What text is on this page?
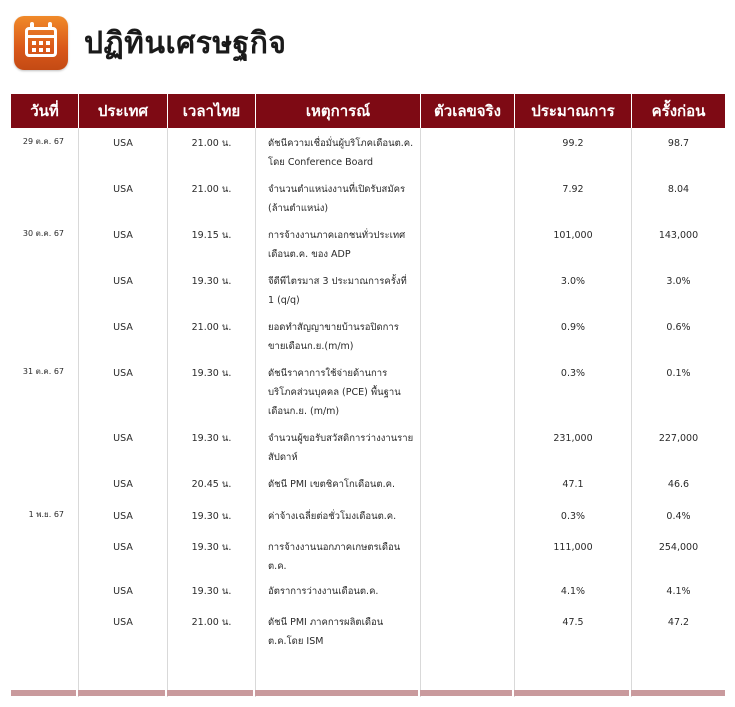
ปฏิทินเศรษฐกิจ
วันที่	ประเทศ	เวลาไทย	เหตุการณ์	ตัวเลขจริง	ประมาณการ	ครั้งก่อน
29 ต.ค. 67	USA	21.00 น.	ดัชนีความเชื่อมั่นผู้บริโภคเดือนต.ค. โดย Conference Board		99.2	98.7
	USA	21.00 น.	จำนวนตำแหน่งงานที่เปิดรับสมัคร (ล้านตำแหน่ง)		7.92	8.04
30 ต.ค. 67	USA	19.15 น.	การจ้างงานภาคเอกชนทั่วประเทศเดือนต.ค. ของ ADP		101,000	143,000
	USA	19.30 น.	จีดีพีไตรมาส 3 ประมาณการครั้งที่ 1 (q/q)		3.0%	3.0%
	USA	21.00 น.	ยอดทำสัญญาขายบ้านรอปิดการขายเดือนก.ย.(m/m)		0.9%	0.6%
31 ต.ค. 67	USA	19.30 น.	ดัชนีราคาการใช้จ่ายด้านการบริโภคส่วนบุคคล (PCE) พื้นฐานเดือนก.ย. (m/m)		0.3%	0.1%
	USA	19.30 น.	จำนวนผู้ขอรับสวัสดิการว่างงานรายสัปดาห์		231,000	227,000
	USA	20.45 น.	ดัชนี PMI เขตชิคาโกเดือนต.ค.		47.1	46.6
1 พ.ย. 67	USA	19.30 น.	ค่าจ้างเฉลี่ยต่อชั่วโมงเดือนต.ค.		0.3%	0.4%
	USA	19.30 น.	การจ้างงานนอกภาคเกษตรเดือนต.ค.		111,000	254,000
	USA	19.30 น.	อัตราการว่างงานเดือนต.ค.		4.1%	4.1%
	USA	21.00 น.	ดัชนี PMI ภาคการผลิตเดือนต.ค.โดย ISM		47.5	47.2
